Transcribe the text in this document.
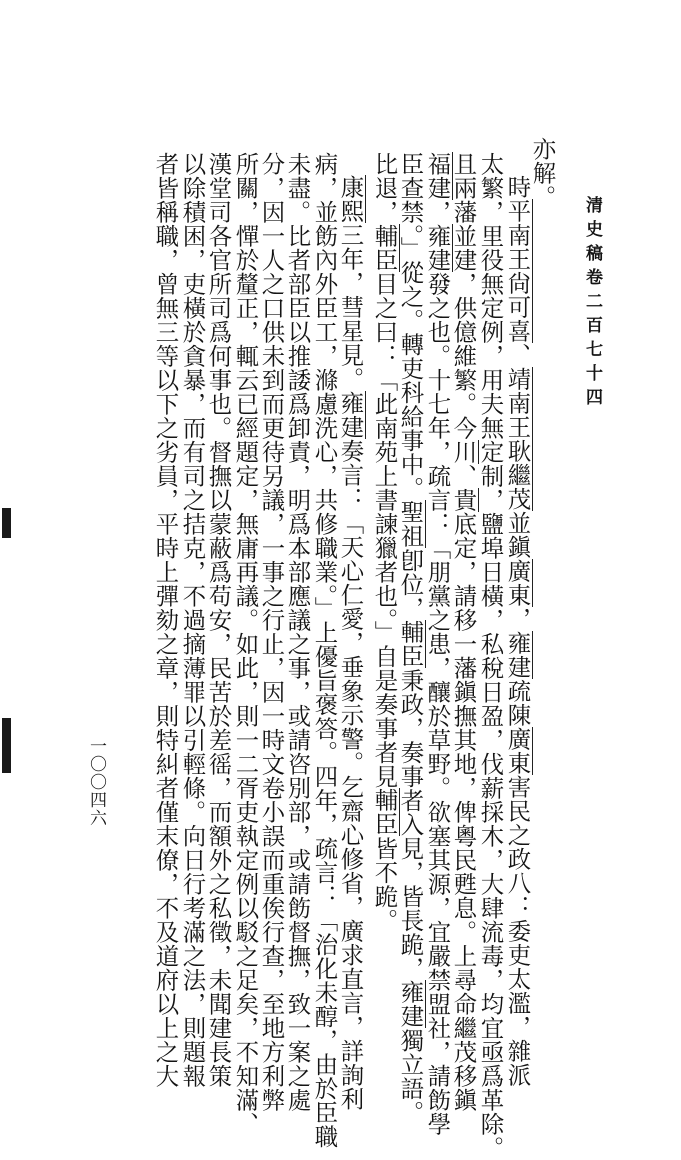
清史稿卷二百七十四
一〇〇四六
亦解。
時平南王尙可喜、靖南王耿繼茂並鎭廣東，雍建疏陳廣東害民之政八：委吏太濫，雜派
太繁，里役無定例，用夫無定制，鹽埠日橫，私稅日盈，伐薪採木，大肆流毒，均宜亟爲革除。
且兩藩並建，供億維繁。今川、貴底定，請移一藩鎭撫其地，俾粵民甦息。上尋命繼茂移鎭
福建，雍建發之也。十七年，疏言：「朋黨之患，釀於草野。欲塞其源，宜嚴禁盟社，請飭學
臣查禁。」從之。轉吏科給事中。聖祖卽位，輔臣秉政，奏事者入見，皆長跪，雍建獨立語。
比退，輔臣目之曰：「此南苑上書諫獵者也。」自是奏事者見輔臣皆不跪。
康熙三年，彗星見。雍建奏言：「天心仁愛，垂象示警。乞齋心修省，廣求直言，詳詢利
病，並飭內外臣工，滌慮洗心，共修職業。」上優旨褒答。四年，疏言：「治化未醇，由於臣職
未盡。比者部臣以推諉爲卸責，明爲本部應議之事，或請咨別部，或請飭督撫，致一案之處
分，因一人之口供未到而更待另議，一事之行止，因一時文卷小誤而重俟行查，至地方利弊
所關，憚於釐正，輒云已經題定，無庸再議。如此，則一二胥吏執定例以駁之足矣，不知滿、
漢堂司各官所司爲何事也。督撫以蒙蔽爲苟安，民苦於差徭，而額外之私徵，未聞建長策
以除積困，吏橫於貪暴，而有司之拮克，不過摘薄罪以引輕條。向日行考滿之法，則題報
者皆稱職，曾無三等以下之劣員，平時上彈劾之章，則特糾者僅末僚，不及道府以上之大
